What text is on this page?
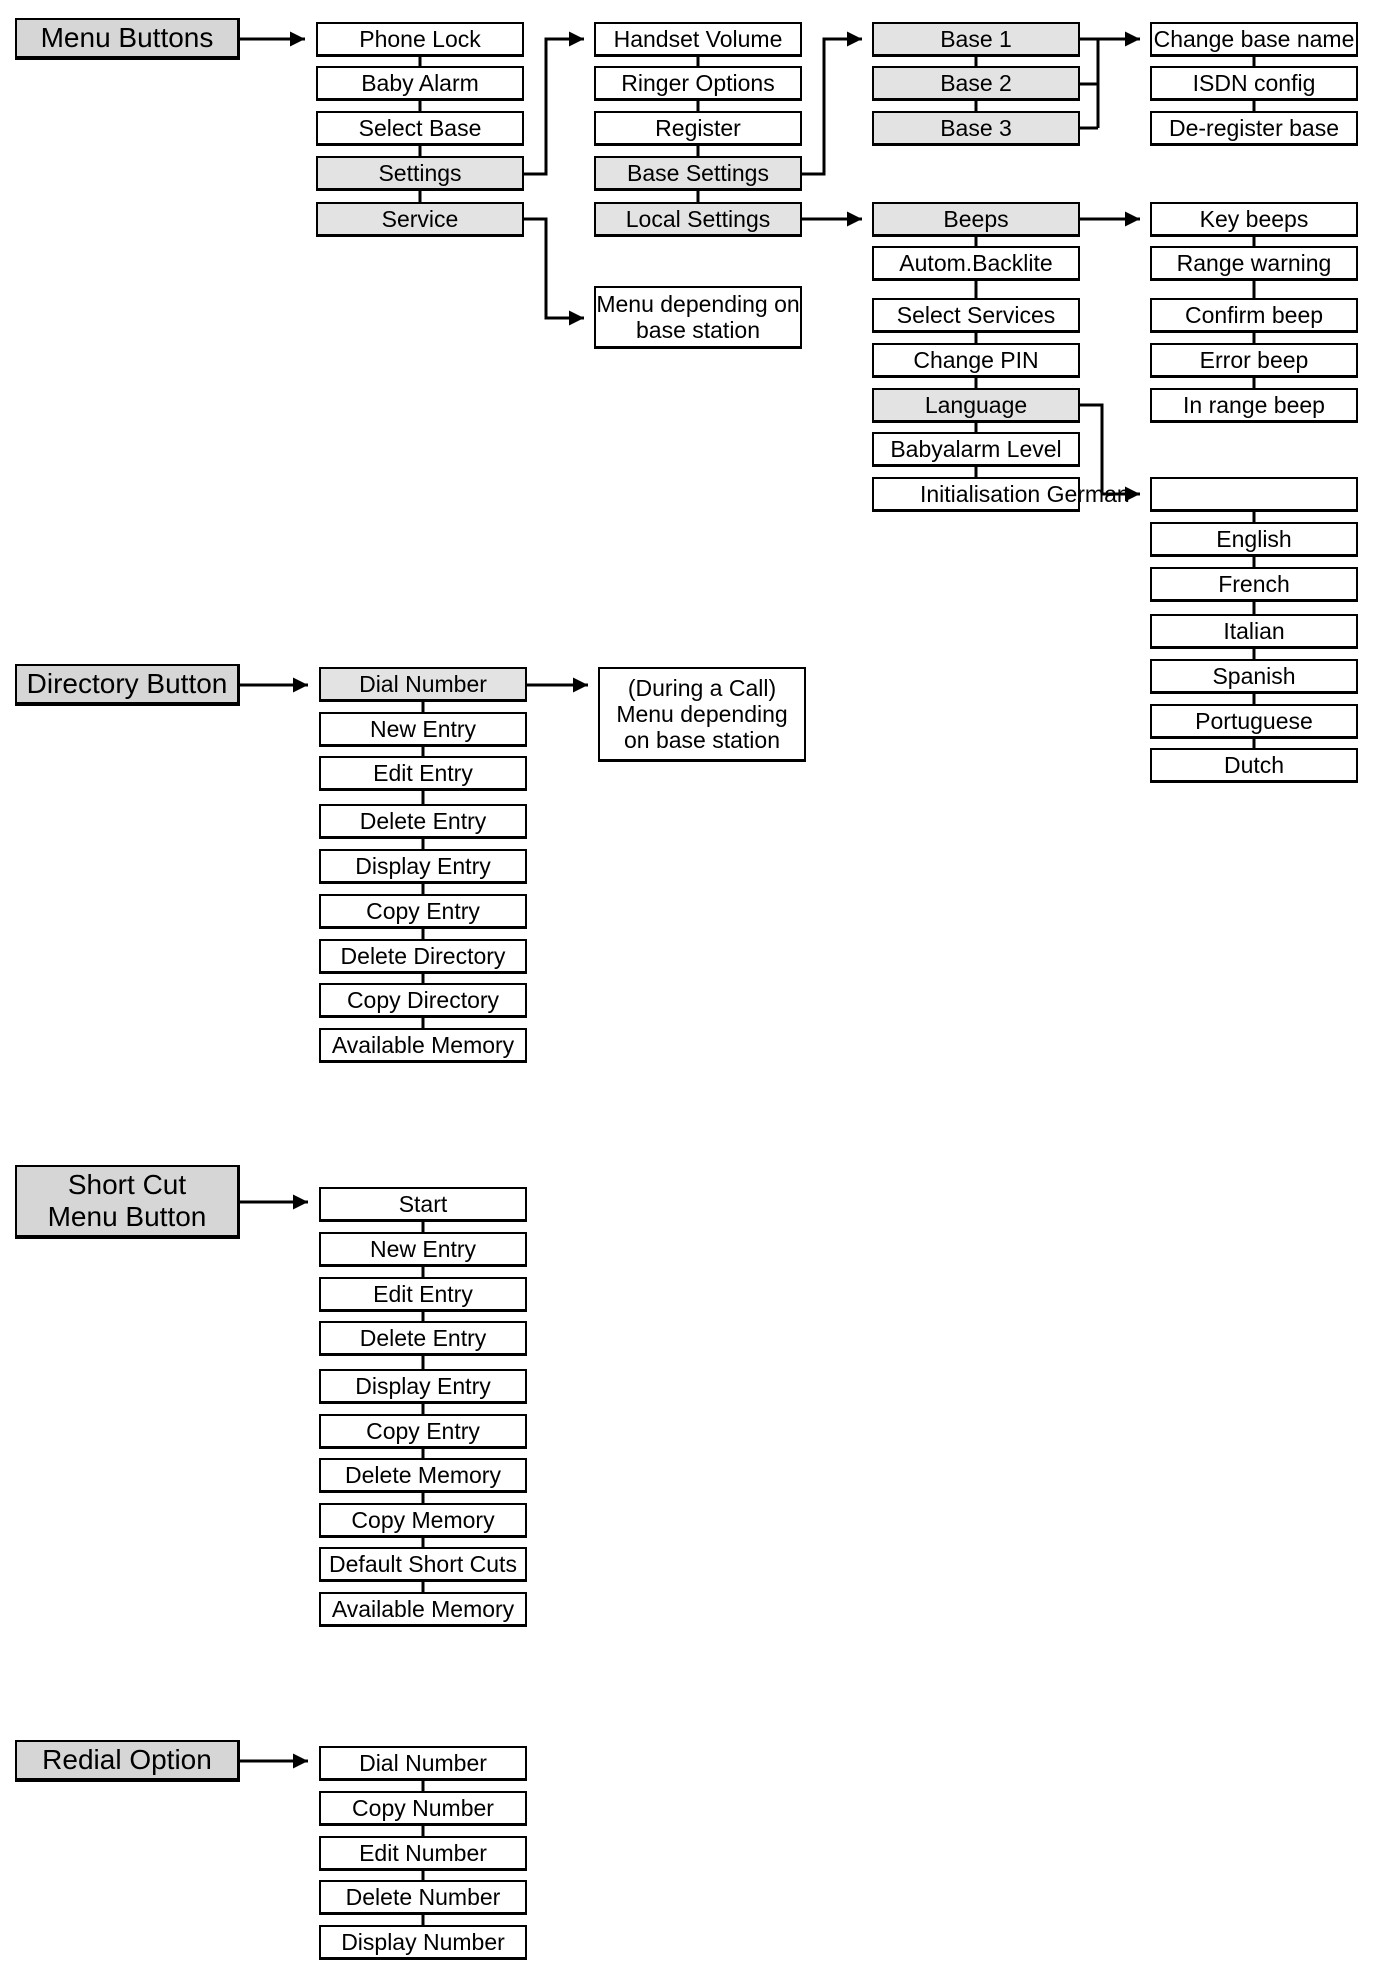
Menu Buttons
Directory Button
Short Cut
Menu Button
Redial Option
Phone Lock
Baby Alarm
Select Base
Settings
Service
Handset Volume
Ringer Options
Register
Base Settings
Local Settings
Menu depending on base station
Base 1
Base 2
Base 3
Change base name
ISDN config
De-register base
Beeps
Autom.Backlite
Select Services
Change PIN
Language
Babyalarm Level
Initialisation German
Key beeps
Range warning
Confirm beep
Error beep
In range beep
English
French
Italian
Spanish
Portuguese
Dutch
Dial Number
New Entry
Edit Entry
Delete Entry
Display Entry
Copy Entry
Delete Directory
Copy Directory
Available Memory
(During a Call)
Menu depending
on base station
Start
New Entry
Edit Entry
Delete Entry
Display Entry
Copy Entry
Delete Memory
Copy Memory
Default Short Cuts
Available Memory
Dial Number
Copy Number
Edit Number
Delete Number
Display Number
